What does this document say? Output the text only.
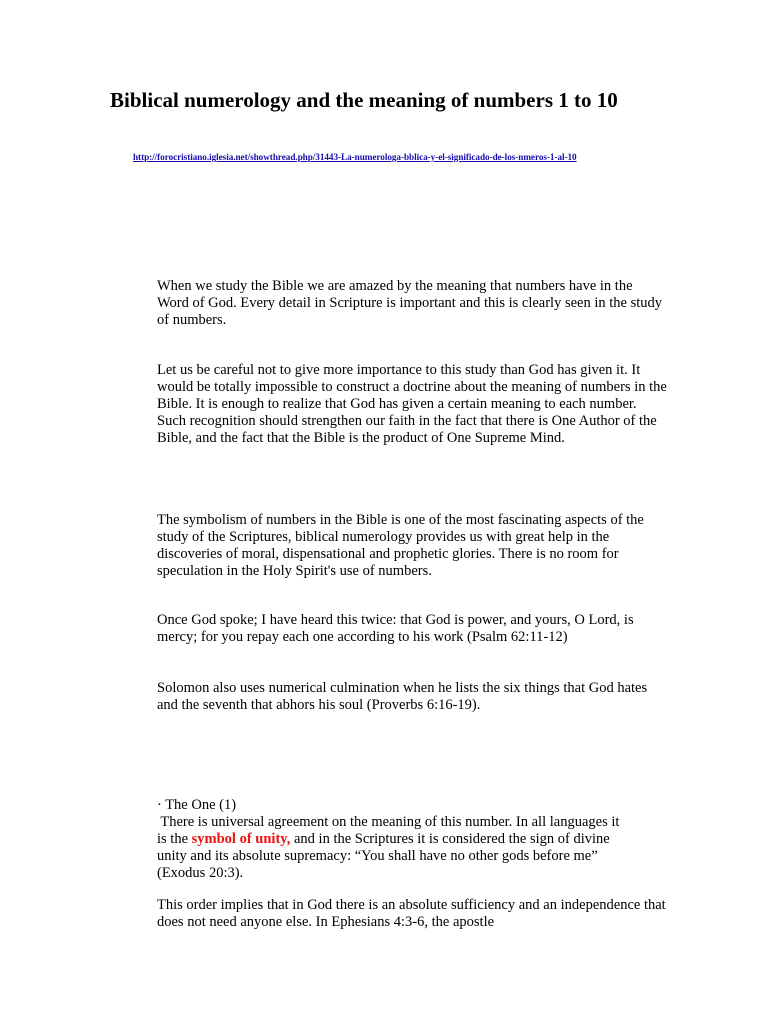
Biblical numerology and the meaning of numbers 1 to 10
http://forocristiano.iglesia.net/showthread.php/31443-La-numerologa-bblica-y-el-significado-de-los-nmeros-1-al-10

When we study the Bible we are amazed by the meaning that numbers have in the Word of God. Every detail in Scripture is important and this is clearly seen in the study of numbers.

Let us be careful not to give more importance to this study than God has given it. It would be totally impossible to construct a doctrine about the meaning of numbers in the Bible. It is enough to realize that God has given a certain meaning to each number. Such recognition should strengthen our faith in the fact that there is One Author of the Bible, and the fact that the Bible is the product of One Supreme Mind.

The symbolism of numbers in the Bible is one of the most fascinating aspects of the study of the Scriptures, biblical numerology provides us with great help in the discoveries of moral, dispensational and prophetic glories. There is no room for speculation in the Holy Spirit's use of numbers.

Once God spoke; I have heard this twice: that God is power, and yours, O Lord, is mercy; for you repay each one according to his work (Psalm 62:11-12)

Solomon also uses numerical culmination when he lists the six things that God hates and the seventh that abhors his soul (Proverbs 6:16-19).

· The One (1)
There is universal agreement on the meaning of this number. In all languages it
is the symbol of unity, and in the Scriptures it is considered the sign of divine
unity and its absolute supremacy: “You shall have no other gods before me”
(Exodus 20:3).

This order implies that in God there is an absolute sufficiency and an independence that does not need anyone else. In Ephesians 4:3-6, the apostle
